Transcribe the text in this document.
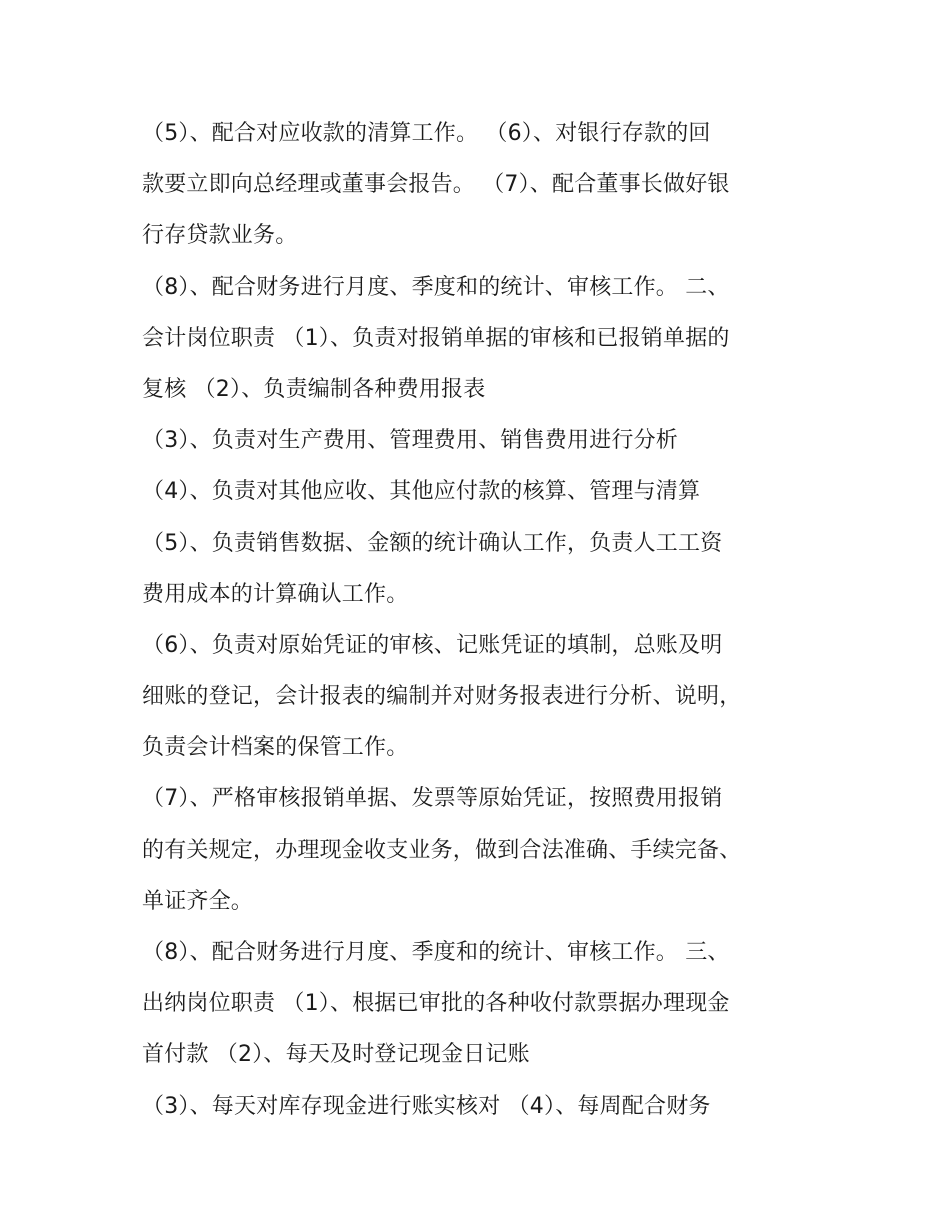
（5）、配合对应收款的清算工作。 （6）、对银行存款的回
款要立即向总经理或董事会报告。 （7）、配合董事长做好银
行存贷款业务。
（8）、配合财务进行月度、季度和的统计、审核工作。 二、
会计岗位职责 （1）、负责对报销单据的审核和已报销单据的
复核 （2）、负责编制各种费用报表
（3）、负责对生产费用、管理费用、销售费用进行分析
（4）、负责对其他应收、其他应付款的核算、管理与清算
（5）、负责销售数据、金额的统计确认工作，负责人工工资
费用成本的计算确认工作。
（6）、负责对原始凭证的审核、记账凭证的填制，总账及明
细账的登记，会计报表的编制并对财务报表进行分析、说明，
负责会计档案的保管工作。
（7）、严格审核报销单据、发票等原始凭证，按照费用报销
的有关规定，办理现金收支业务，做到合法准确、手续完备、
单证齐全。
（8）、配合财务进行月度、季度和的统计、审核工作。 三、
出纳岗位职责 （1）、根据已审批的各种收付款票据办理现金
首付款 （2）、每天及时登记现金日记账
（3）、每天对库存现金进行账实核对 （4）、每周配合财务
